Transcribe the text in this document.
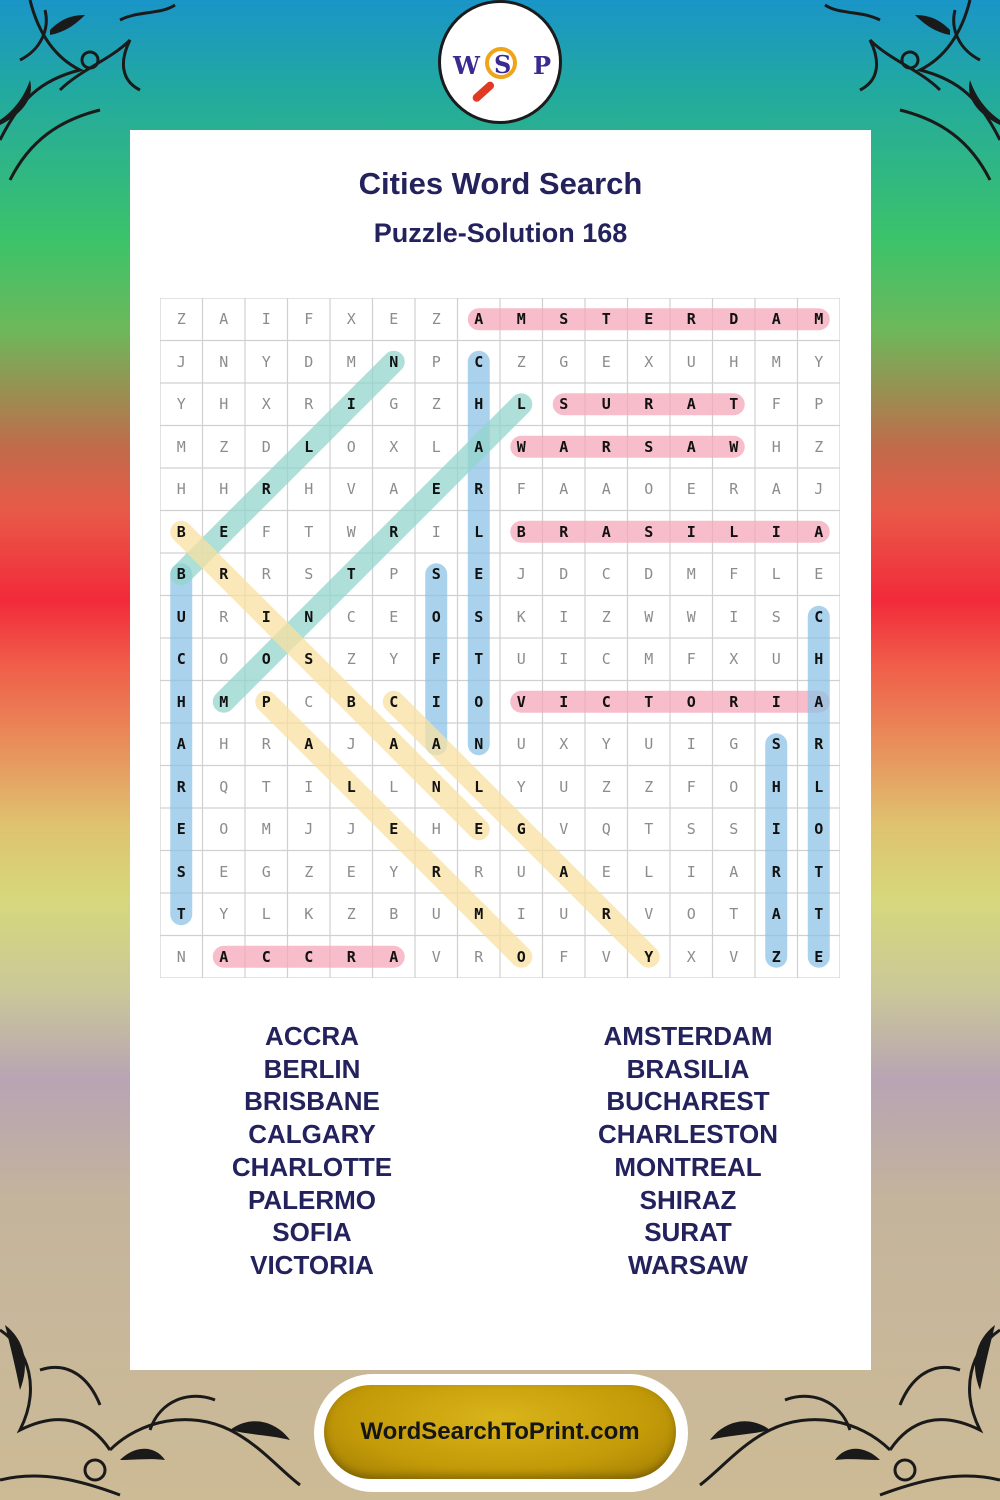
W S P
Cities Word Search
Puzzle-Solution 168
Z	A	I	F	X	E	Z	A	M	S	T	E	R	D	A	M
J	N	Y	D	M	N	P	C	Z	G	E	X	U	H	M	Y
Y	H	X	R	I	G	Z	H	L	S	U	R	A	T	F	P
M	Z	D	L	O	X	L	A	W	A	R	S	A	W	H	Z
H	H	R	H	V	A	E	R	F	A	A	O	E	R	A	J
B	E	F	T	W	R	I	L	B	R	A	S	I	L	I	A
B	R	R	S	T	P	S	E	J	D	C	D	M	F	L	E
U	R	I	N	C	E	O	S	K	I	Z	W	W	I	S	C
C	O	O	S	Z	Y	F	T	U	I	C	M	F	X	U	H
H	M	P	C	B	C	I	O	V	I	C	T	O	R	I	A
A	H	R	A	J	A	A	N	U	X	Y	U	I	G	S	R
R	Q	T	I	L	L	N	L	Y	U	Z	Z	F	O	H	L
E	O	M	J	J	E	H	E	G	V	Q	T	S	S	I	O
S	E	G	Z	E	Y	R	R	U	A	E	L	I	A	R	T
T	Y	L	K	Z	B	U	M	I	U	R	V	O	T	A	T
N	A	C	C	R	A	V	R	O	F	V	Y	X	V	Z	E
ACCRA
BERLIN
BRISBANE
CALGARY
CHARLOTTE
PALERMO
SOFIA
VICTORIA
AMSTERDAM
BRASILIA
BUCHAREST
CHARLESTON
MONTREAL
SHIRAZ
SURAT
WARSAW
WordSearchToPrint.com
